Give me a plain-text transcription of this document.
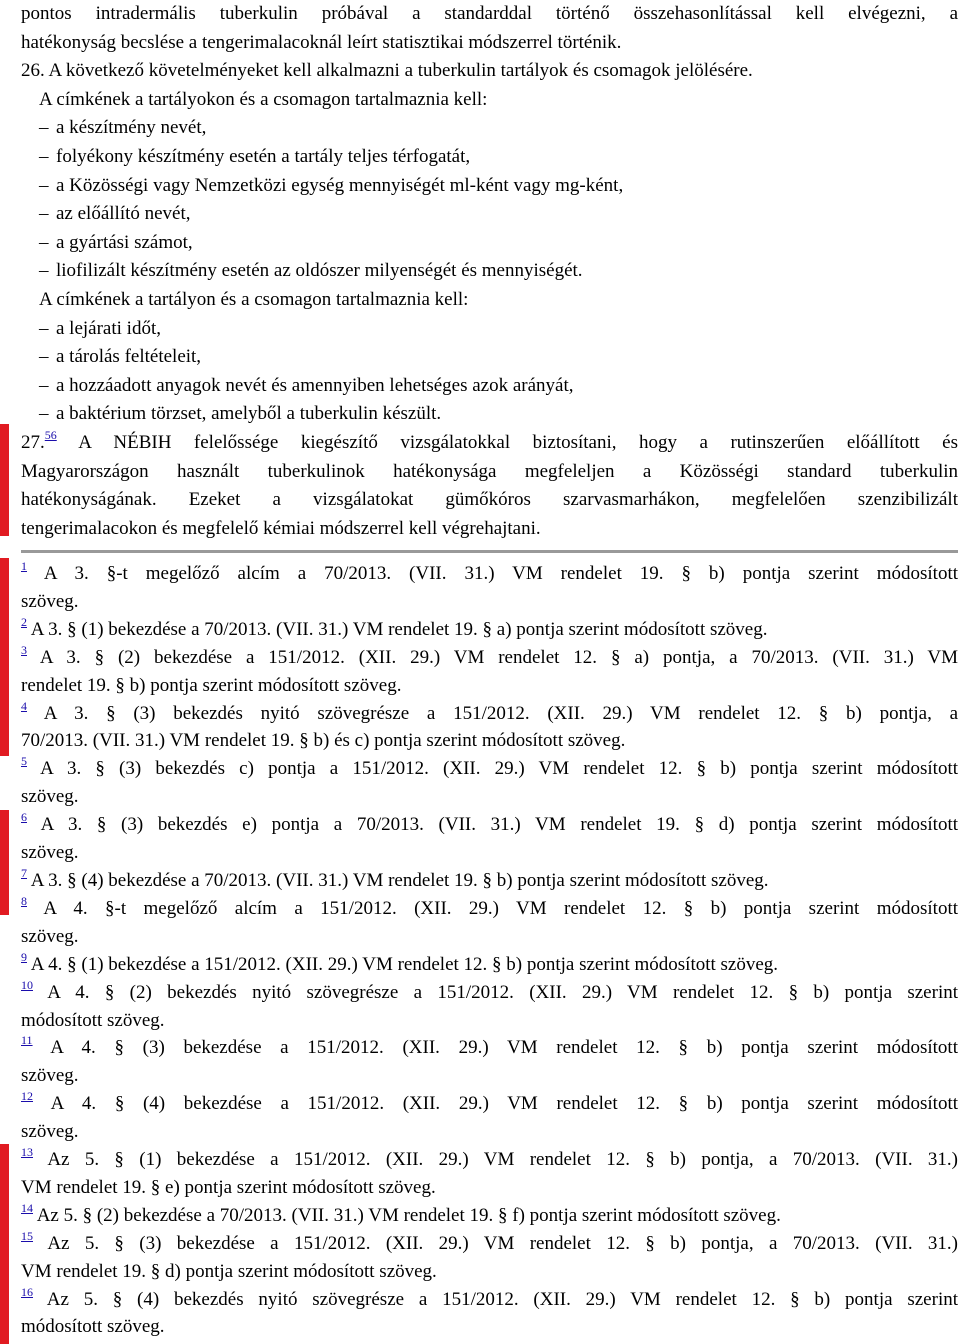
pontos intradermális tuberkulin próbával a standarddal történő összehasonlítással kell elvégezni, a
hatékonyság becslése a tengerimalacoknál leírt statisztikai módszerrel történik.
26. A következő követelményeket kell alkalmazni a tuberkulin tartályok és csomagok jelölésére.
A címkének a tartályokon és a csomagon tartalmaznia kell:
– a készítmény nevét,
– folyékony készítmény esetén a tartály teljes térfogatát,
– a Közösségi vagy Nemzetközi egység mennyiségét ml-ként vagy mg-ként,
– az előállító nevét,
– a gyártási számot,
– liofilizált készítmény esetén az oldószer milyenségét és mennyiségét.
A címkének a tartályon és a csomagon tartalmaznia kell:
– a lejárati időt,
– a tárolás feltételeit,
– a hozzáadott anyagok nevét és amennyiben lehetséges azok arányát,
– a baktérium törzset, amelyből a tuberkulin készült.
27.56 A NÉBIH felelőssége kiegészítő vizsgálatokkal biztosítani, hogy a rutinszerűen előállított és
Magyarországon használt tuberkulinok hatékonysága megfeleljen a Közösségi standard tuberkulin
hatékonyságának. Ezeket a vizsgálatokat gümőkóros szarvasmarhákon, megfelelően szenzibilizált
tengerimalacokon és megfelelő kémiai módszerrel kell végrehajtani.
$^1$ A 3. §-t megelőző alcím a 70/2013. (VII. 31.) VM rendelet 19. § b) pontja szerint módosított
szöveg.
$^2$ A 3. § (1) bekezdése a 70/2013. (VII. 31.) VM rendelet 19. § a) pontja szerint módosított szöveg.
$^3$ A 3. § (2) bekezdése a 151/2012. (XII. 29.) VM rendelet 12. § a) pontja, a 70/2013. (VII. 31.) VM
rendelet 19. § b) pontja szerint módosított szöveg.
$^4$ A 3. § (3) bekezdés nyitó szövegrésze a 151/2012. (XII. 29.) VM rendelet 12. § b) pontja, a
70/2013. (VII. 31.) VM rendelet 19. § b) és c) pontja szerint módosított szöveg.
$^5$ A 3. § (3) bekezdés c) pontja a 151/2012. (XII. 29.) VM rendelet 12. § b) pontja szerint módosított
szöveg.
$^6$ A 3. § (3) bekezdés e) pontja a 70/2013. (VII. 31.) VM rendelet 19. § d) pontja szerint módosított
szöveg.
$^7$ A 3. § (4) bekezdése a 70/2013. (VII. 31.) VM rendelet 19. § b) pontja szerint módosított szöveg.
$^8$ A 4. §-t megelőző alcím a 151/2012. (XII. 29.) VM rendelet 12. § b) pontja szerint módosított
szöveg.
$^9$ A 4. § (1) bekezdése a 151/2012. (XII. 29.) VM rendelet 12. § b) pontja szerint módosított szöveg.
$^{10}$ A 4. § (2) bekezdés nyitó szövegrésze a 151/2012. (XII. 29.) VM rendelet 12. § b) pontja szerint
módosított szöveg.
$^{11}$ A 4. § (3) bekezdése a 151/2012. (XII. 29.) VM rendelet 12. § b) pontja szerint módosított
szöveg.
$^{12}$ A 4. § (4) bekezdése a 151/2012. (XII. 29.) VM rendelet 12. § b) pontja szerint módosított
szöveg.
$^{13}$ Az 5. § (1) bekezdése a 151/2012. (XII. 29.) VM rendelet 12. § b) pontja, a 70/2013. (VII. 31.)
VM rendelet 19. § e) pontja szerint módosított szöveg.
$^{14}$ Az 5. § (2) bekezdése a 70/2013. (VII. 31.) VM rendelet 19. § f) pontja szerint módosított szöveg.
$^{15}$ Az 5. § (3) bekezdése a 151/2012. (XII. 29.) VM rendelet 12. § b) pontja, a 70/2013. (VII. 31.)
VM rendelet 19. § d) pontja szerint módosított szöveg.
$^{16}$ Az 5. § (4) bekezdés nyitó szövegrésze a 151/2012. (XII. 29.) VM rendelet 12. § b) pontja szerint
módosított szöveg.
